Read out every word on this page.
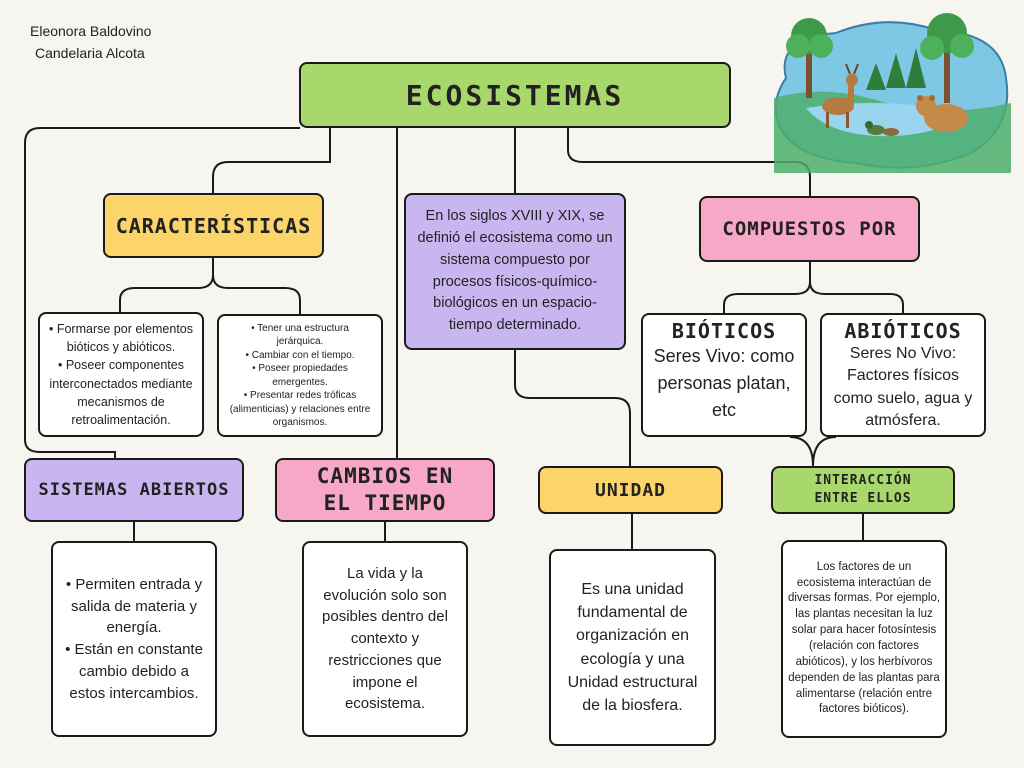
Eleonora Baldovino
Candelaria Alcota
ECOSISTEMAS
CARACTERÍSTICAS
• Formarse por elementos bióticos y abióticos.
• Poseer componentes interconectados mediante mecanismos de retroalimentación.
• Tener una estructura jerárquica.
• Cambiar con el tiempo.
• Poseer propiedades emergentes.
• Presentar redes tróficas (alimenticias) y relaciones entre organismos.
En los siglos XVIII y XIX, se definió el ecosistema como un sistema compuesto por procesos físicos-químico-biológicos en un espacio-tiempo determinado.
COMPUESTOS POR
BIÓTICOS
Seres Vivo: como personas platan, etc
ABIÓTICOS
Seres No Vivo: Factores físicos como suelo, agua y atmósfera.
SISTEMAS ABIERTOS
• Permiten entrada y salida de materia y energía.
• Están en constante cambio debido a estos intercambios.
CAMBIOS EN EL TIEMPO
La vida y la evolución solo son posibles dentro del contexto y restricciones que impone el ecosistema.
UNIDAD
Es una unidad fundamental de organización en ecología y una Unidad estructural de la biosfera.
INTERACCIÓN ENTRE ELLOS
Los factores de un ecosistema interactúan de diversas formas. Por ejemplo, las plantas necesitan la luz solar para hacer fotosíntesis (relación con factores abióticos), y los herbívoros dependen de las plantas para alimentarse (relación entre factores bióticos).
